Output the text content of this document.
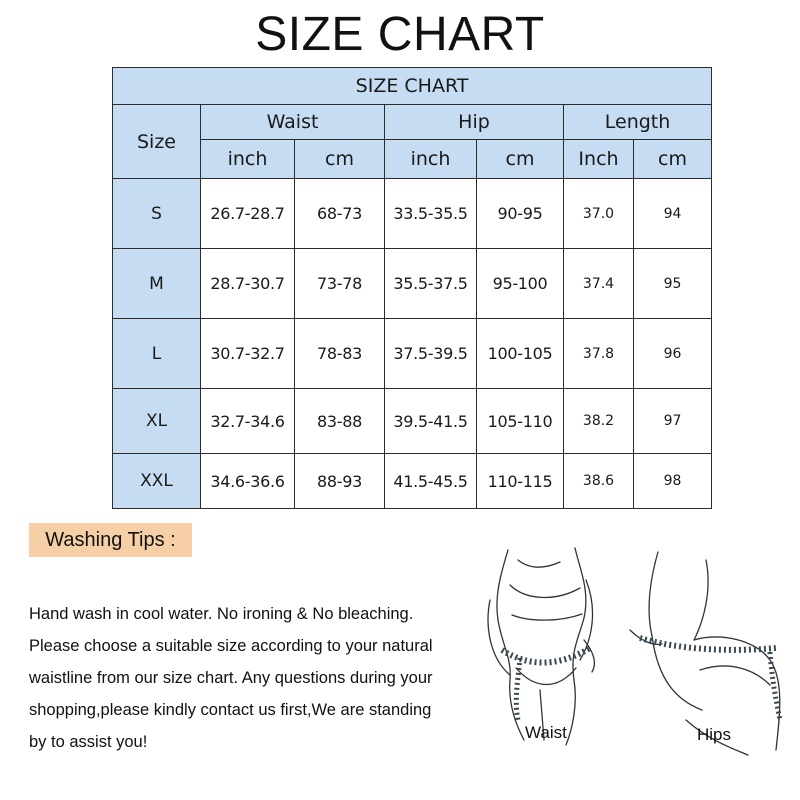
SIZE CHART
SIZE CHART						
Size	Waist		Hip		Length	
	inch	cm	inch	cm	Inch	cm
S	26.7-28.7	68-73	33.5-35.5	90-95	37.0	94
M	28.7-30.7	73-78	35.5-37.5	95-100	37.4	95
L	30.7-32.7	78-83	37.5-39.5	100-105	37.8	96
XL	32.7-34.6	83-88	39.5-41.5	105-110	38.2	97
XXL	34.6-36.6	88-93	41.5-45.5	110-115	38.6	98
Washing Tips :
Hand wash in cool water. No ironing & No bleaching.
Please choose a suitable size according to your natural
waistline from our size chart. Any questions during your
shopping,please kindly contact us first,We are standing
by to assist you!	Waist	Hips
